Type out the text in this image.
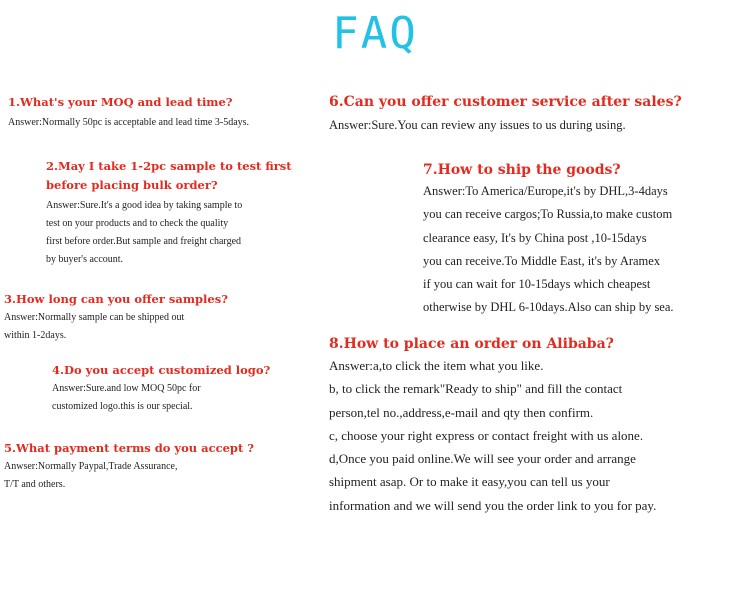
FAQ
1.What's your MOQ and lead time?
Answer:Normally 50pc is acceptable and lead time 3-5days.
2.May I take 1-2pc sample to test first
before placing bulk order?
Answer:Sure.It's a good idea by taking sample to
test on your products and to check the quality
first before order.But sample and freight charged
by buyer's account.
3.How long can you offer samples?
Answer:Normally sample can be shipped out
within 1-2days.
4.Do you accept customized logo?
Answer:Sure.and low MOQ 50pc for
customized logo.this is our special.
5.What payment terms do you accept ?
Anwser:Normally Paypal,Trade Assurance,
T/T and others.
6.Can you offer customer service after sales?
Answer:Sure.You can review any issues to us during using.
7.How to ship the goods?
Answer:To America/Europe,it's by DHL,3-4days
you can receive cargos;To Russia,to make custom
clearance easy, It's by China post ,10-15days
you can receive.To Middle East, it's by Aramex
if you can wait for 10-15days which cheapest
otherwise by DHL 6-10days.Also can ship by sea.
8.How to place an order on Alibaba?
Answer:a,to click the item what you like.
b, to click the remark"Ready to ship" and fill the contact
person,tel no.,address,e-mail and qty then confirm.
c, choose your right express or contact freight with us alone.
d,Once you paid online.We will see your order and arrange
shipment asap. Or to make it easy,you can tell us your
information and we will send you the order link to you for pay.
